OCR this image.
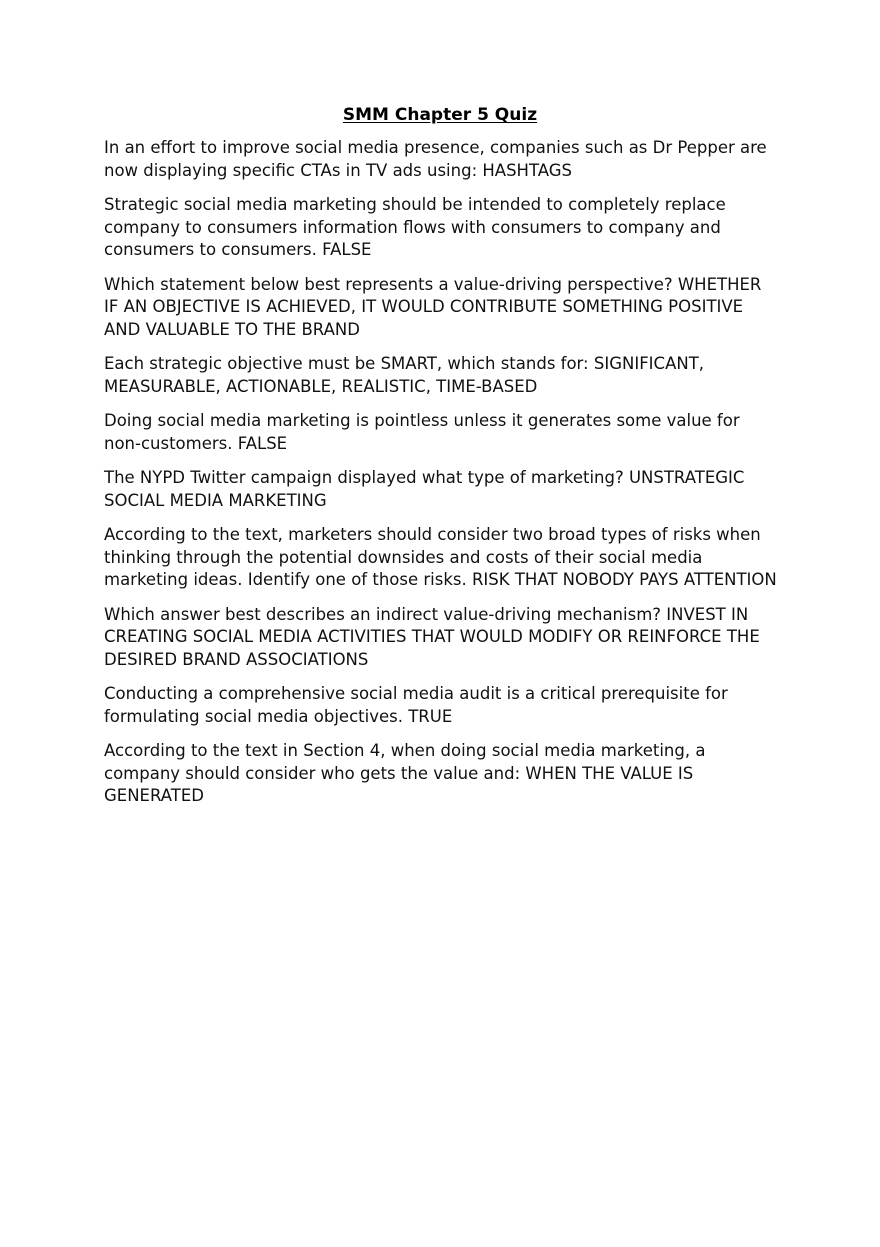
SMM Chapter 5 Quiz

In an effort to improve social media presence, companies such as Dr Pepper are now displaying specific CTAs in TV ads using: HASHTAGS

Strategic social media marketing should be intended to completely replace company to consumers information flows with consumers to company and consumers to consumers. FALSE

Which statement below best represents a value-driving perspective? WHETHER IF AN OBJECTIVE IS ACHIEVED, IT WOULD CONTRIBUTE SOMETHING POSITIVE AND VALUABLE TO THE BRAND

Each strategic objective must be SMART, which stands for: SIGNIFICANT, MEASURABLE, ACTIONABLE, REALISTIC, TIME-BASED

Doing social media marketing is pointless unless it generates some value for non-customers. FALSE

The NYPD Twitter campaign displayed what type of marketing? UNSTRATEGIC SOCIAL MEDIA MARKETING

According to the text, marketers should consider two broad types of risks when thinking through the potential downsides and costs of their social media marketing ideas. Identify one of those risks. RISK THAT NOBODY PAYS ATTENTION

Which answer best describes an indirect value-driving mechanism? INVEST IN CREATING SOCIAL MEDIA ACTIVITIES THAT WOULD MODIFY OR REINFORCE THE DESIRED BRAND ASSOCIATIONS

Conducting a comprehensive social media audit is a critical prerequisite for formulating social media objectives. TRUE

According to the text in Section 4, when doing social media marketing, a company should consider who gets the value and: WHEN THE VALUE IS GENERATED
